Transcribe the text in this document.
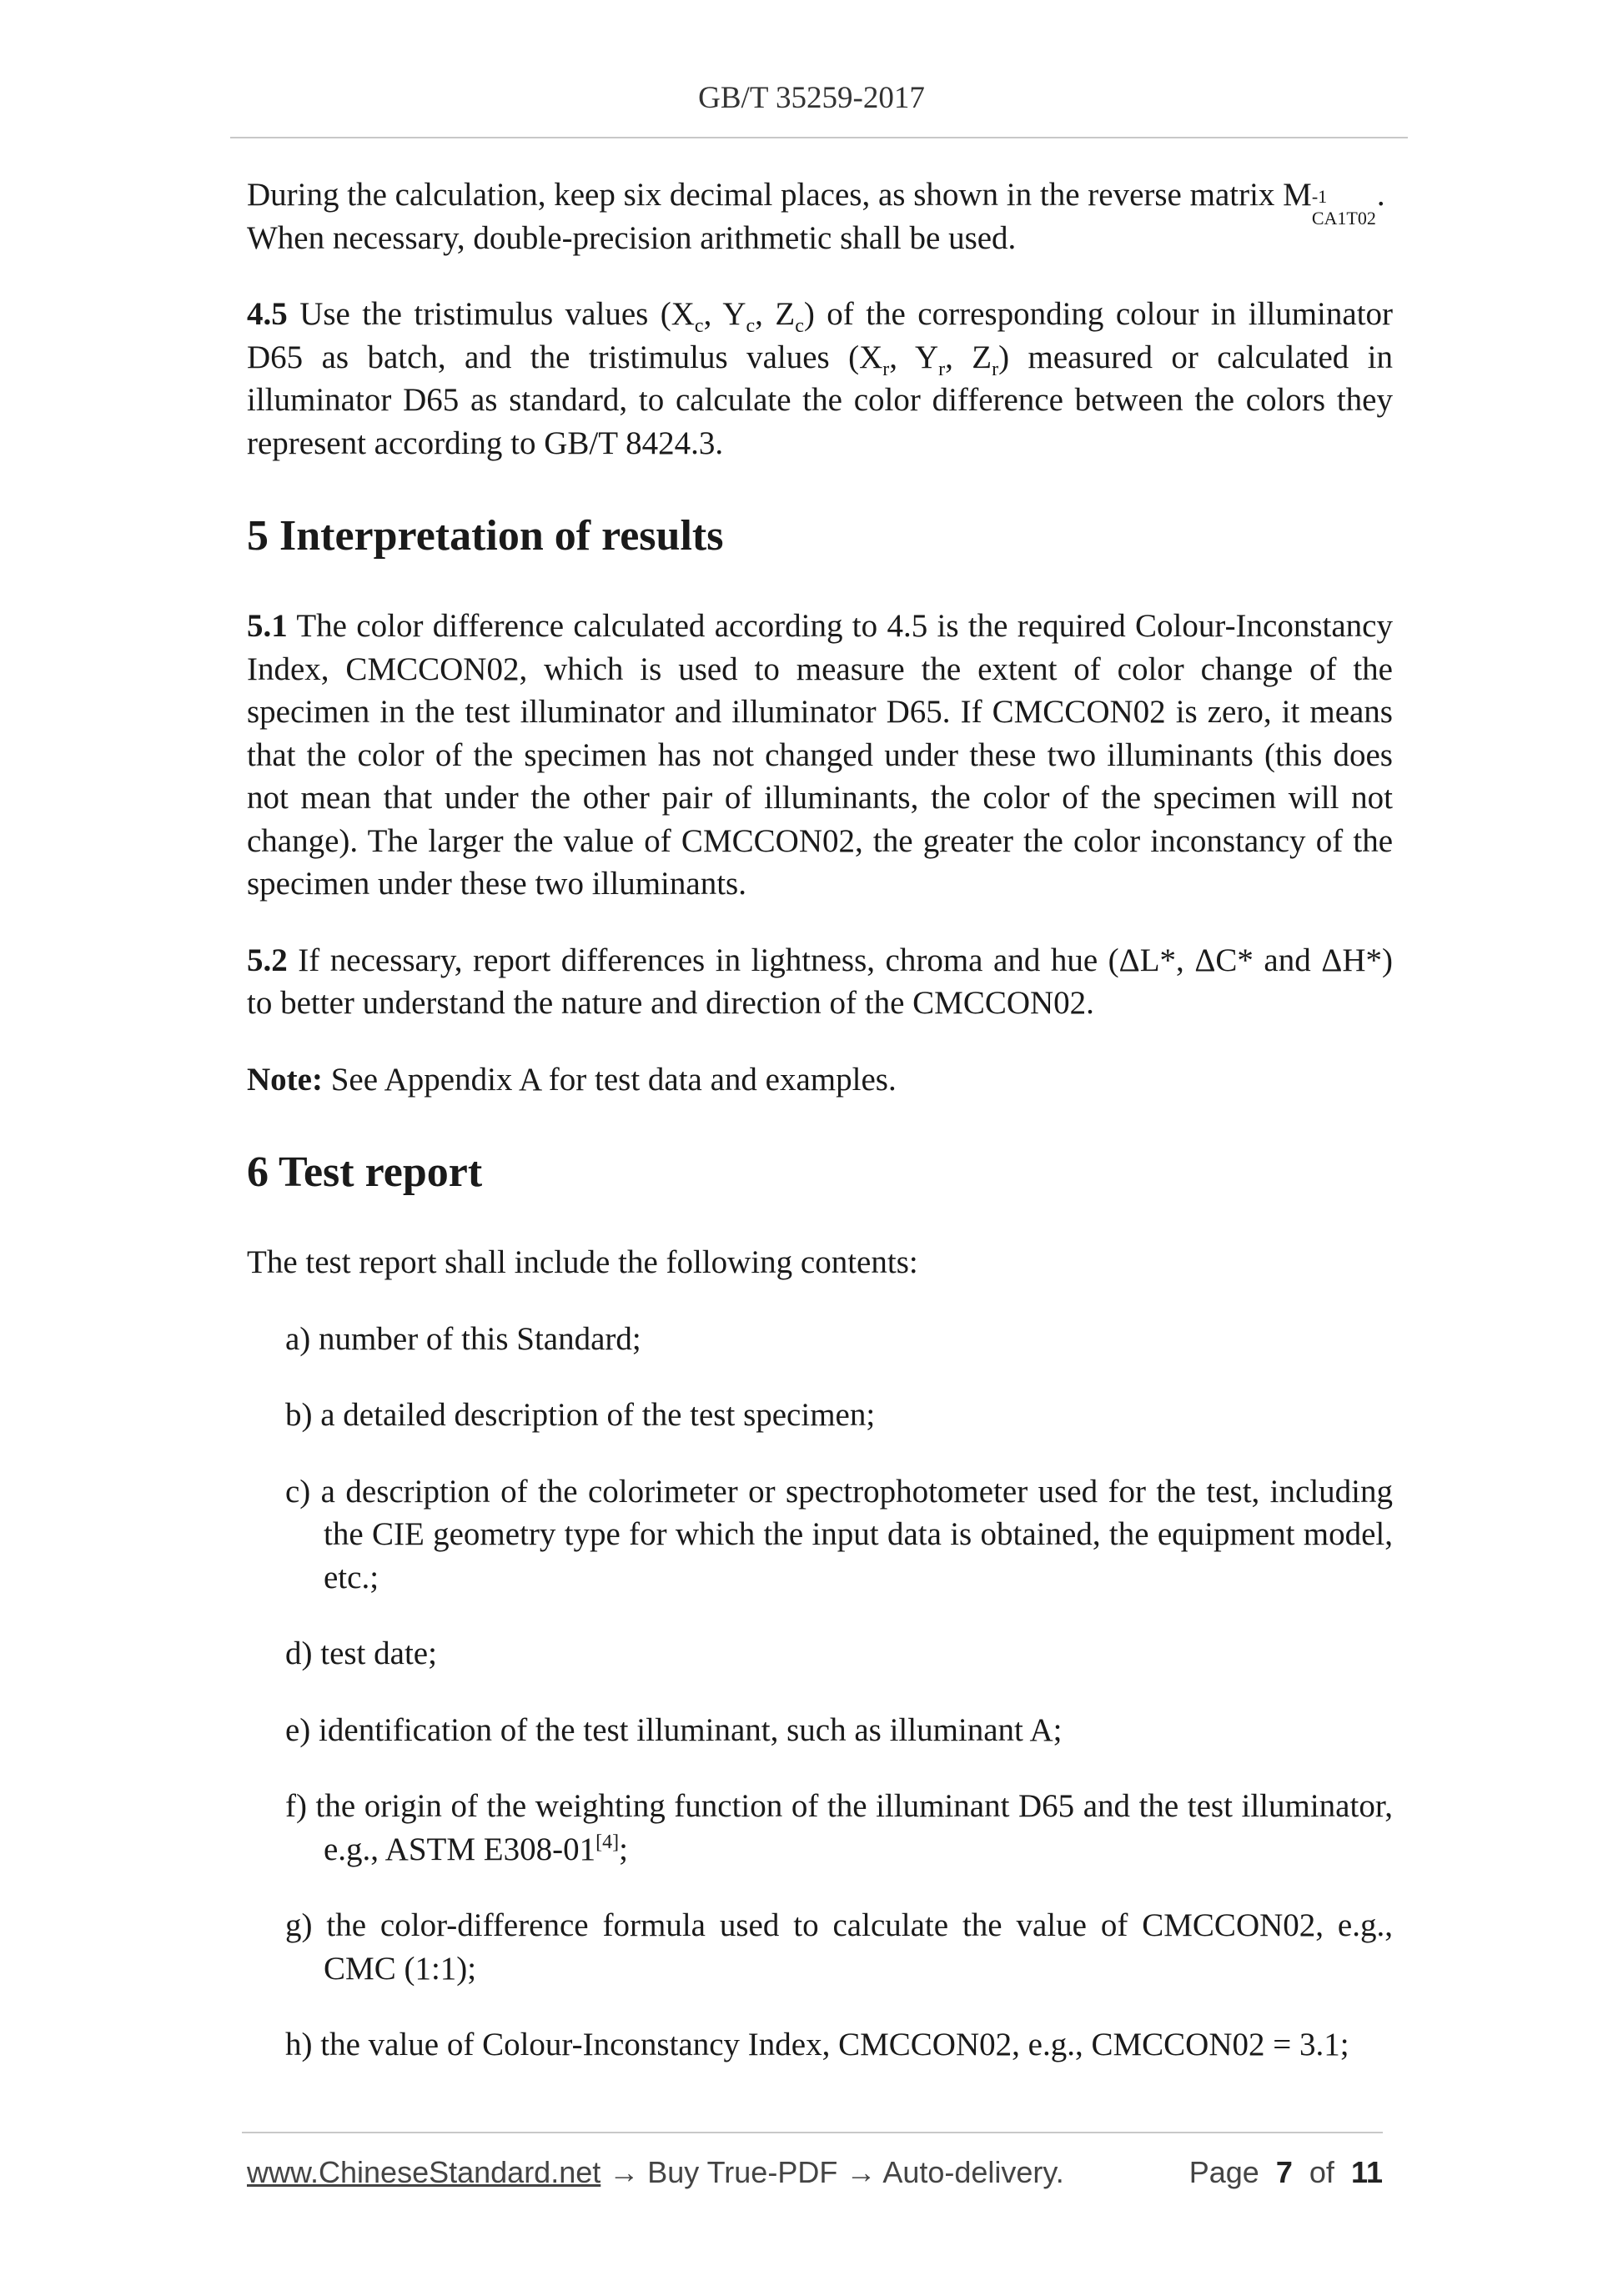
GB/T 35259-2017

During the calculation, keep six decimal places, as shown in the reverse matrix M -1
CA1T02
.
When necessary, double-precision arithmetic shall be used.

4.5 Use the tristimulus values ($X_c$, $Y_c$, $Z_c$) of the corresponding colour in illuminator D65 as batch, and the tristimulus values ($X_r$, $Y_r$, $Z_r$) measured or calculated in illuminator D65 as standard, to calculate the color difference between the colors they represent according to GB/T 8424.3.

5 Interpretation of results

5.1 The color difference calculated according to 4.5 is the required Colour-Inconstancy Index, CMCCON02, which is used to measure the extent of color change of the specimen in the test illuminator and illuminator D65. If CMCCON02 is zero, it means that the color of the specimen has not changed under these two illuminants (this does not mean that under the other pair of illuminants, the color of the specimen will not change). The larger the value of CMCCON02, the greater the color inconstancy of the specimen under these two illuminants.

5.2 If necessary, report differences in lightness, chroma and hue (ΔL*, ΔC* and ΔH*) to better understand the nature and direction of the CMCCON02.

Note: See Appendix A for test data and examples.

6 Test report

The test report shall include the following contents:

a) number of this Standard;

b) a detailed description of the test specimen;

c) a description of the colorimeter or spectrophotometer used for the test, including the CIE geometry type for which the input data is obtained, the equipment model, etc.;

d) test date;

e) identification of the test illuminant, such as illuminant A;

f) the origin of the weighting function of the illuminant D65 and the test illuminator, e.g., ASTM E308-01[4];

g) the color-difference formula used to calculate the value of CMCCON02, e.g., CMC (1:1);

h) the value of Colour-Inconstancy Index, CMCCON02, e.g., CMCCON02 = 3.1;

www.ChineseStandard.net → Buy True-PDF → Auto-delivery.	Page 7 of 11
